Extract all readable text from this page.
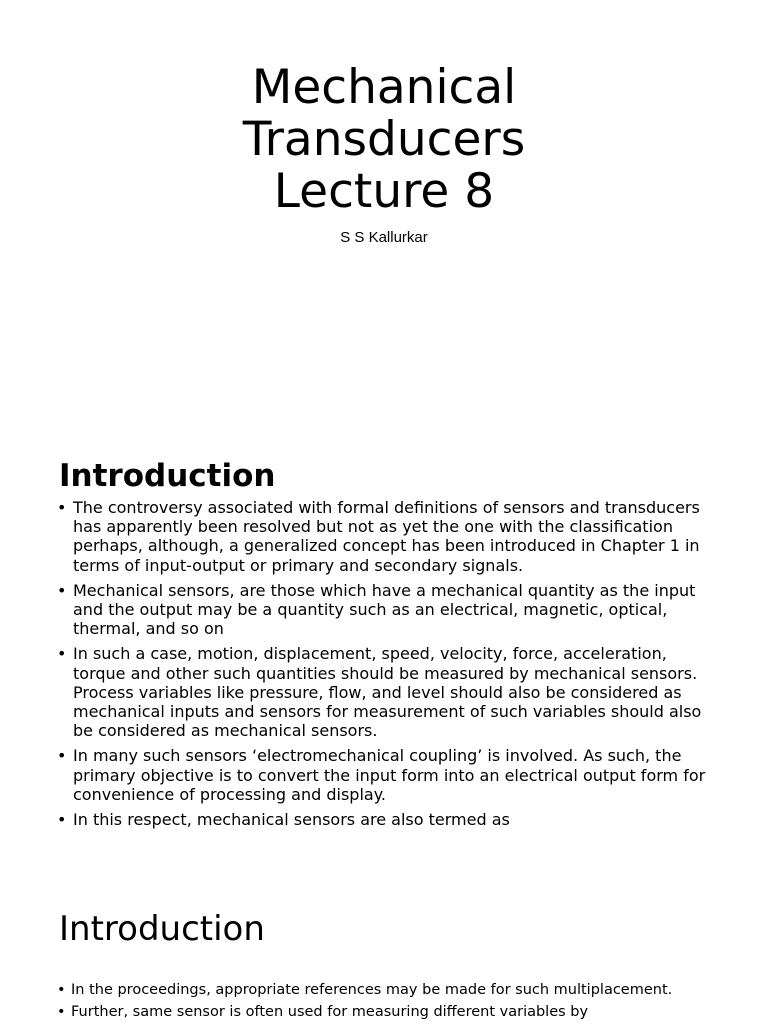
Mechanical
Transducers
Lecture 8
S S Kallurkar
Introduction
• The controversy associated with formal definitions of sensors and transducers has apparently been resolved but not as yet the one with the classification perhaps, although, a generalized concept has been introduced in Chapter 1 in terms of input-output or primary and secondary signals.
• Mechanical sensors, are those which have a mechanical quantity as the input and the output may be a quantity such as an electrical, magnetic, optical, thermal, and so on
• In such a case, motion, displacement, speed, velocity, force, acceleration, torque and other such quantities should be measured by mechanical sensors. Process variables like pressure, flow, and level should also be considered as mechanical inputs and sensors for measurement of such variables should also be considered as mechanical sensors.
• In many such sensors ‘electromechanical coupling’ is involved. As such, the primary objective is to convert the input form into an electrical output form for convenience of processing and display.
• In this respect, mechanical sensors are also termed as
Introduction
• In the proceedings, appropriate references may be made for such multiplacement.
• Further, same sensor is often used for measuring different variables by
